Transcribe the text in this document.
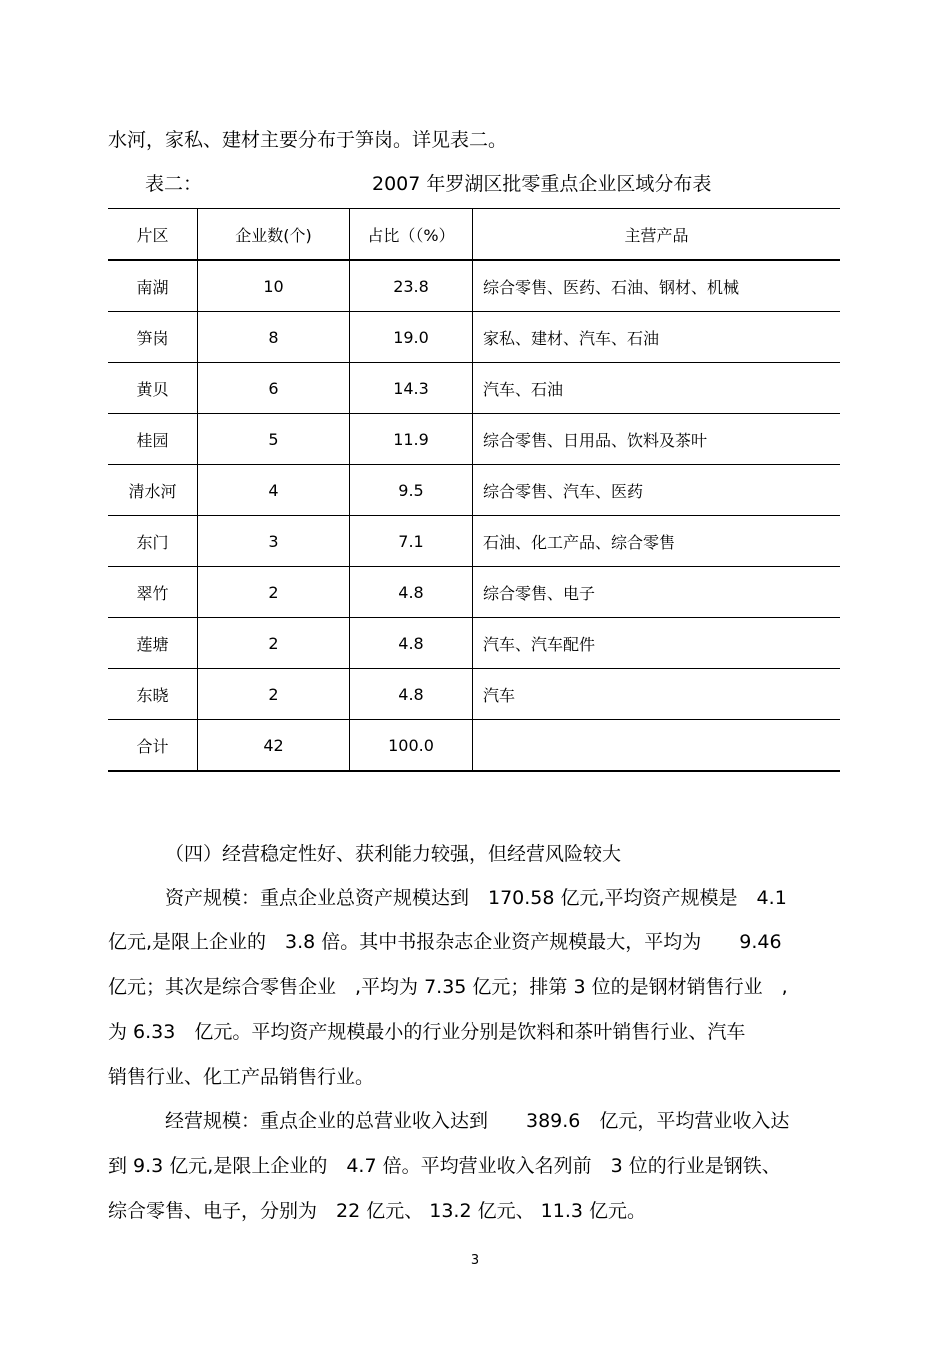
水河，家私、建材主要分布于笋岗。详见表二。
表二：	2007 年罗湖区批零重点企业区域分布表
片区	企业数(个)	占比（（%）	主营产品
南湖	10	23.8	综合零售、医药、石油、钢材、机械
笋岗	8	19.0	家私、建材、汽车、石油
黄贝	6	14.3	汽车、石油
桂园	5	11.9	综合零售、日用品、饮料及茶叶
清水河	4	9.5	综合零售、汽车、医药
东门	3	7.1	石油、化工产品、综合零售
翠竹	2	4.8	综合零售、电子
莲塘	2	4.8	汽车、汽车配件
东晓	2	4.8	汽车
合计	42	100.0	
（四）经营稳定性好、获利能力较强，但经营风险较大
资产规模：重点企业总资产规模达到　170.58 亿元,平均资产规模是　4.1
亿元,是限上企业的　3.8 倍。其中书报杂志企业资产规模最大，平均为　　9.46
亿元；其次是综合零售企业　,平均为 7.35 亿元；排第 3 位的是钢材销售行业　,
为 6.33　亿元。平均资产规模最小的行业分别是饮料和茶叶销售行业、汽车
销售行业、化工产品销售行业。
经营规模：重点企业的总营业收入达到　　389.6　亿元，平均营业收入达
到 9.3 亿元,是限上企业的　4.7 倍。平均营业收入名列前　3 位的行业是钢铁、
综合零售、电子，分别为　22 亿元、 13.2 亿元、 11.3 亿元。
3
